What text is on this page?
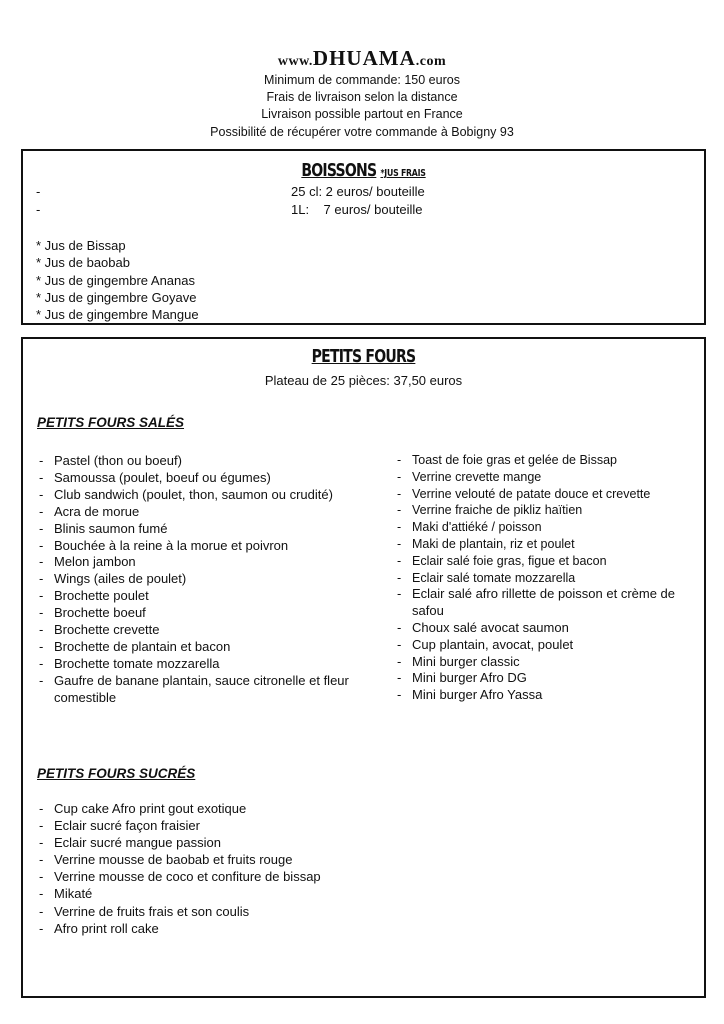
www.DHUAMA.com
Minimum de commande: 150 euros
Frais de livraison selon la distance
Livraison possible partout en France
Possibilité de récupérer votre commande à Bobigny 93
BOISSONS *JUS FRAIS
-	25 cl: 2 euros/ bouteille
-	1L:    7 euros/ bouteille
* Jus de Bissap
* Jus de baobab
* Jus de gingembre Ananas
* Jus de gingembre Goyave
* Jus de gingembre Mangue
PETITS FOURS
Plateau de 25 pièces: 37,50 euros
PETITS FOURS SALÉS
- Pastel (thon ou boeuf)
- Samoussa (poulet, boeuf ou égumes)
- Club sandwich (poulet, thon, saumon ou crudité)
- Acra de morue
- Blinis saumon fumé
- Bouchée à la reine à la morue et poivron
- Melon jambon
- Wings (ailes de poulet)
- Brochette poulet
- Brochette boeuf
- Brochette crevette
- Brochette de plantain et bacon
- Brochette tomate mozzarella
- Gaufre de banane plantain, sauce citronelle et fleur comestible
- Toast de foie gras et gelée de Bissap
- Verrine crevette mange
- Verrine velouté de patate douce et crevette
- Verrine fraiche de pikliz haïtien
- Maki d'attiéké / poisson
- Maki de plantain, riz et poulet
- Eclair salé foie gras, figue et bacon
- Eclair salé tomate mozzarella
- Eclair salé afro rillette de poisson et crème de safou
- Choux salé avocat saumon
- Cup plantain, avocat, poulet
- Mini burger classic
- Mini burger Afro DG
- Mini burger Afro Yassa
PETITS FOURS SUCRÉS
- Cup cake Afro print gout exotique
- Eclair sucré façon fraisier
- Eclair sucré mangue passion
- Verrine mousse de baobab et fruits rouge
- Verrine mousse de coco et confiture de bissap
- Mikaté
- Verrine de fruits frais et son coulis
- Afro print roll cake
